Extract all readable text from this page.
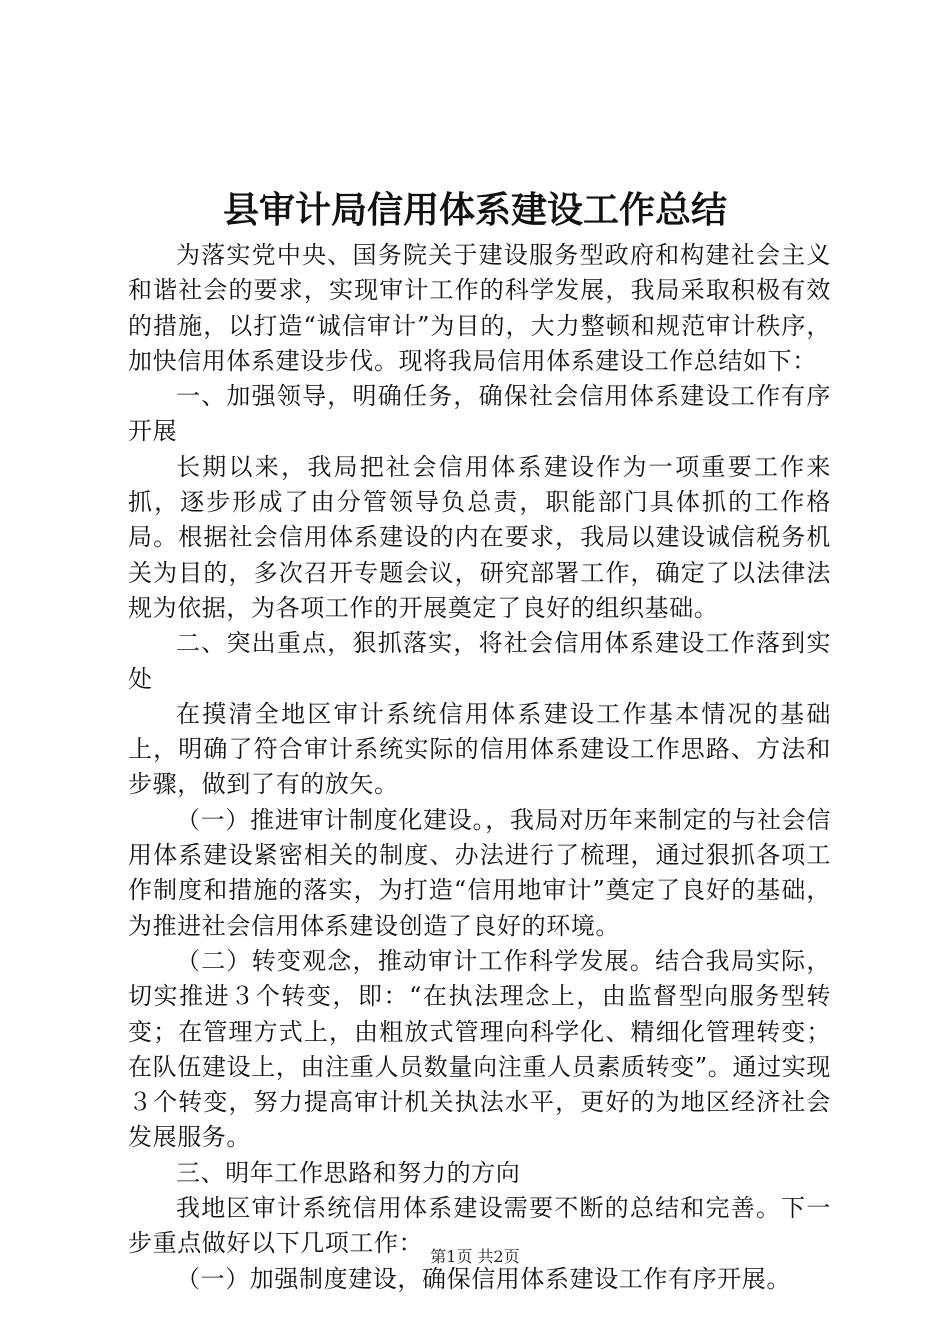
县审计局信用体系建设工作总结

为落实党中央、国务院关于建设服务型政府和构建社会主义和谐社会的要求，实现审计工作的科学发展，我局采取积极有效的措施，以打造“诚信审计”为目的，大力整顿和规范审计秩序，加快信用体系建设步伐。现将我局信用体系建设工作总结如下：

一、加强领导，明确任务，确保社会信用体系建设工作有序开展

长期以来，我局把社会信用体系建设作为一项重要工作来抓，逐步形成了由分管领导负总责，职能部门具体抓的工作格局。根据社会信用体系建设的内在要求，我局以建设诚信税务机关为目的，多次召开专题会议，研究部署工作，确定了以法律法规为依据，为各项工作的开展奠定了良好的组织基础。

二、突出重点，狠抓落实，将社会信用体系建设工作落到实处

在摸清全地区审计系统信用体系建设工作基本情况的基础上，明确了符合审计系统实际的信用体系建设工作思路、方法和步骤，做到了有的放矢。

（一）推进审计制度化建设。，我局对历年来制定的与社会信用体系建设紧密相关的制度、办法进行了梳理，通过狠抓各项工作制度和措施的落实，为打造“信用地审计”奠定了良好的基础，为推进社会信用体系建设创造了良好的环境。

（二）转变观念，推动审计工作科学发展。结合我局实际，切实推进３个转变，即：“在执法理念上，由监督型向服务型转变；在管理方式上，由粗放式管理向科学化、精细化管理转变；在队伍建设上，由注重人员数量向注重人员素质转变”。通过实现３个转变，努力提高审计机关执法水平，更好的为地区经济社会发展服务。

三、明年工作思路和努力的方向

我地区审计系统信用体系建设需要不断的总结和完善。下一步重点做好以下几项工作：

（一）加强制度建设，确保信用体系建设工作有序开展。

第1页 共2页
